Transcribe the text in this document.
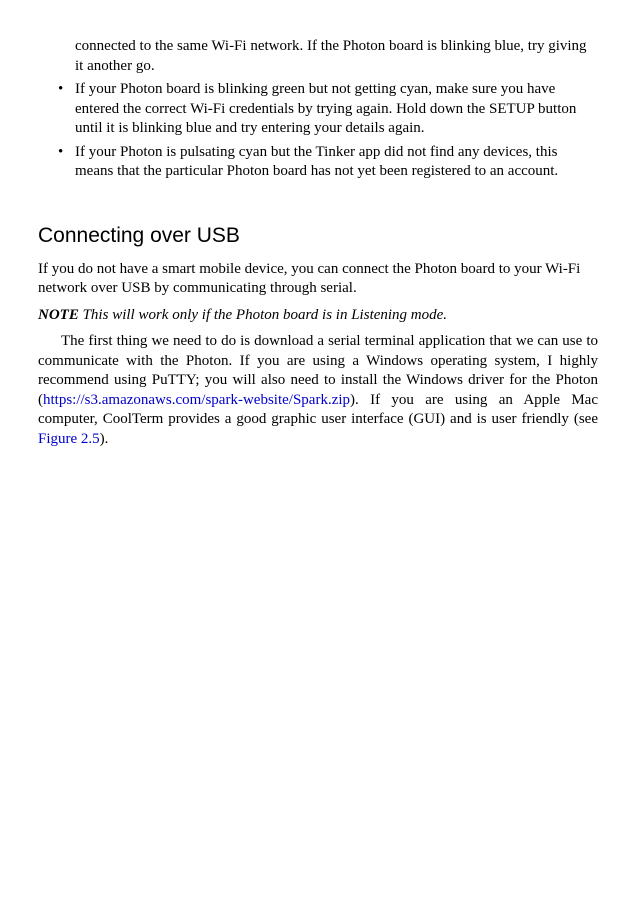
connected to the same Wi-Fi network. If the Photon board is blinking blue, try giving it another go.

• If your Photon board is blinking green but not getting cyan, make sure you have entered the correct Wi-Fi credentials by trying again. Hold down the SETUP button until it is blinking blue and try entering your details again.
• If your Photon is pulsating cyan but the Tinker app did not find any devices, this means that the particular Photon board has not yet been registered to an account.
Connecting over USB

If you do not have a smart mobile device, you can connect the Photon board to your Wi-Fi network over USB by communicating through serial.

NOTE This will work only if the Photon board is in Listening mode.

The first thing we need to do is download a serial terminal application that we can use to communicate with the Photon. If you are using a Windows operating system, I highly recommend using PuTTY; you will also need to install the Windows driver for the Photon (https://s3.amazonaws.com/spark-website/Spark.zip). If you are using an Apple Mac computer, CoolTerm provides a good graphic user interface (GUI) and is user friendly (see Figure 2.5).
